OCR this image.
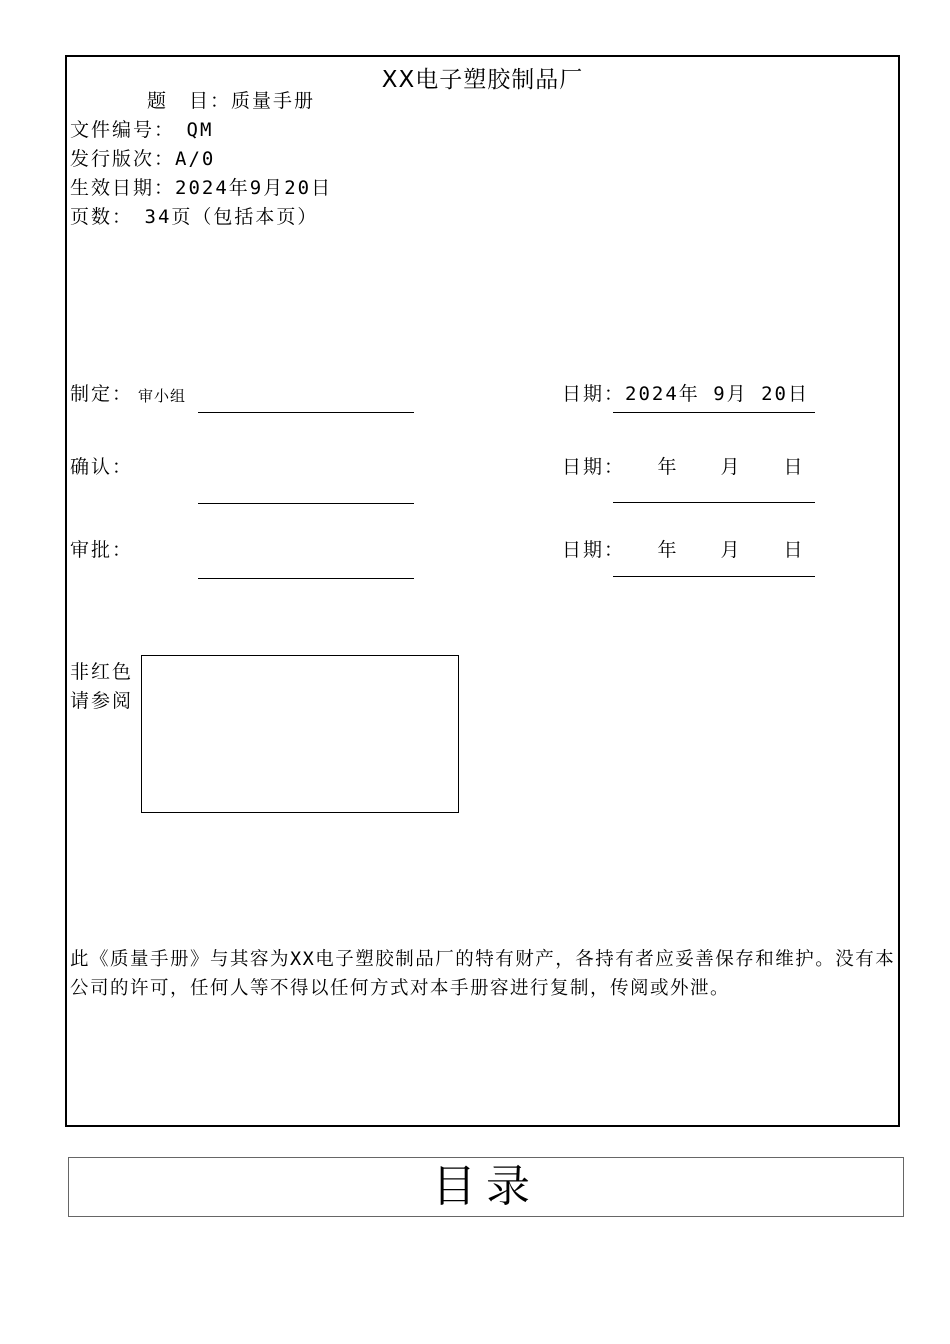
XX电子塑胶制品厂
题　目：质量手册
文件编号：　QM
发行版次：A/0
生效日期：2024年9月20日
页数：　34页（包括本页）
制定： 审小组	日期：2024年 9月 20日
确认：	日期：　　年　　月　　日
审批：	日期：　　年　　月　　日
非红色
请参阅
此《质量手册》与其容为XX电子塑胶制品厂的特有财产，各持有者应妥善保存和维护。没有本公司的许可，任何人等不得以任何方式对本手册容进行复制，传阅或外泄。
目录
